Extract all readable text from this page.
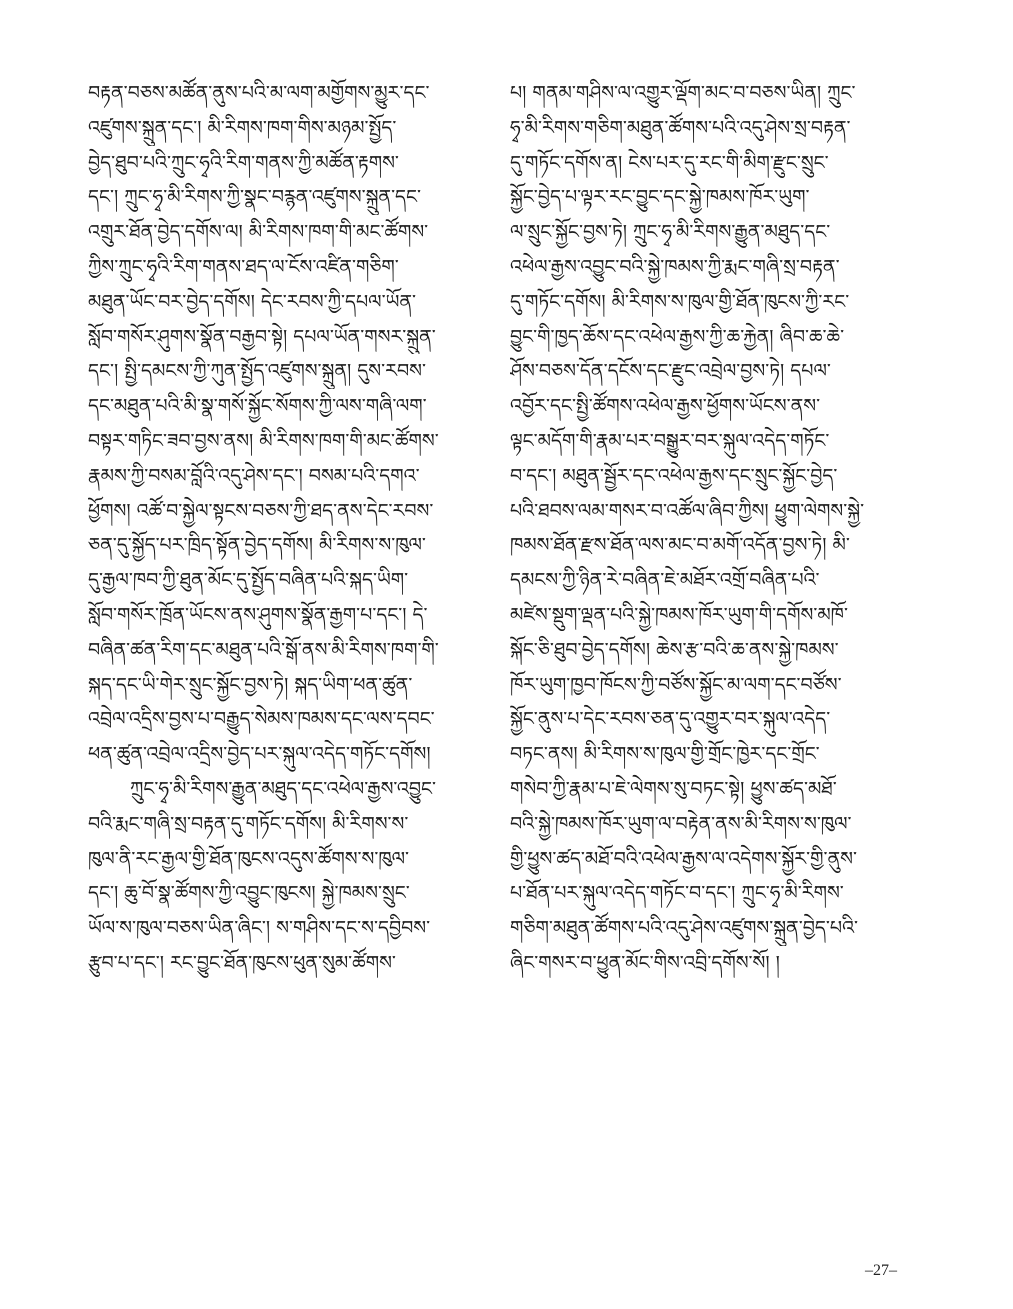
བརྟན་བཅས་མཚོན་ནུས་པའི་མ་ལག་མགྱོགས་མྱུར་དང་
འཛུགས་སྐྲུན་དང་། མི་རིགས་ཁག་གིས་མཉམ་སྤྱོད་
བྱེད་ཐུབ་པའི་ཀྲུང་ཧྭའི་རིག་གནས་ཀྱི་མཚོན་རྟགས་
དང་། ཀྲུང་ཧྭ་མི་རིགས་ཀྱི་སྣང་བརྙན་འཛུགས་སྐྲུན་དང་
འགྲུར་ཐོན་བྱེད་དགོས་ལ། མི་རིགས་ཁག་གི་མང་ཚོགས་
ཀྱིས་ཀྲུང་ཧྭའི་རིག་གནས་ཐད་ལ་ངོས་འཛིན་གཅིག་
མཐུན་ཡོང་བར་བྱེད་དགོས། དེང་རབས་ཀྱི་དཔལ་ཡོན་
སློབ་གསོར་ཤུགས་སྣོན་བརྒྱབ་སྟེ། དཔལ་ཡོན་གསར་སྐྲུན་
དང་། སྤྱི་དམངས་ཀྱི་ཀུན་སྤྱོད་འཛུགས་སྐྲུན། དུས་རབས་
དང་མཐུན་པའི་མི་སྣ་གསོ་སྐྱོང་སོགས་ཀྱི་ལས་གཞི་ལག་
བསྟར་གཏིང་ཟབ་བྱས་ནས། མི་རིགས་ཁག་གི་མང་ཚོགས་
རྣམས་ཀྱི་བསམ་བློའི་འདུ་ཤེས་དང་། བསམ་པའི་དགའ་
ཕྱོགས། འཚོ་བ་སྐྱེལ་སྟངས་བཅས་ཀྱི་ཐད་ནས་དེང་རབས་
ཅན་དུ་སྐྱོད་པར་ཁྲིད་སྟོན་བྱེད་དགོས། མི་རིགས་ས་ཁུལ་
དུ་རྒྱལ་ཁབ་ཀྱི་ཐུན་མོང་དུ་སྤྱོད་བཞིན་པའི་སྐད་ཡིག་
སློབ་གསོར་ཁྲོན་ཡོངས་ནས་ཤུགས་སྣོན་རྒྱག་པ་དང་། དེ་
བཞིན་ཚན་རིག་དང་མཐུན་པའི་སྒོ་ནས་མི་རིགས་ཁག་གི་
སྐད་དང་ཡི་གེར་སྲུང་སྐྱོང་བྱས་ཏེ། སྐད་ཡིག་ཕན་ཚུན་
འབྲེལ་འདྲིས་བྱས་པ་བརྒྱུད་སེམས་ཁམས་དང་ལས་དབང་
ཕན་ཚུན་འབྲེལ་འདྲིས་བྱེད་པར་སྐུལ་འདེད་གཏོང་དགོས།
ཀྲུང་ཧྭ་མི་རིགས་རྒྱུན་མཐུད་དང་འཕེལ་རྒྱས་འབྱུང་
བའི་རྨང་གཞི་སྲ་བརྟན་དུ་གཏོང་དགོས། མི་རིགས་ས་
ཁུལ་ནི་རང་རྒྱལ་གྱི་ཐོན་ཁུངས་འདུས་ཚོགས་ས་ཁུལ་
དང་། ཆུ་བོ་སྣ་ཚོགས་ཀྱི་འབྱུང་ཁུངས། སྐྱེ་ཁམས་སྲུང་
ཡོལ་ས་ཁུལ་བཅས་ཡིན་ཞིང་། ས་གཤིས་དང་ས་དབྱིབས་
རྩུབ་པ་དང་། རང་བྱུང་ཐོན་ཁུངས་ཕུན་སུམ་ཚོགས་
པ། གནམ་གཤིས་ལ་འགྱུར་ལྡོག་མང་བ་བཅས་ཡིན། ཀྲུང་
ཧྭ་མི་རིགས་གཅིག་མཐུན་ཚོགས་པའི་འདུ་ཤེས་སྲ་བརྟན་
དུ་གཏོང་དགོས་ན། ངེས་པར་དུ་རང་གི་མིག་རྫུང་སྲུང་
སྐྱོང་བྱེད་པ་ལྟར་རང་བྱུང་དང་སྐྱེ་ཁམས་ཁོར་ཡུག་
ལ་སྲུང་སྐྱོང་བྱས་ཏེ། ཀྲུང་ཧྭ་མི་རིགས་རྒྱུན་མཐུད་དང་
འཕེལ་རྒྱས་འབྱུང་བའི་སྐྱེ་ཁམས་ཀྱི་རྨང་གཞི་སྲ་བརྟན་
དུ་གཏོང་དགོས། མི་རིགས་ས་ཁུལ་གྱི་ཐོན་ཁུངས་ཀྱི་རང་
བྱུང་གི་ཁྱད་ཆོས་དང་འཕེལ་རྒྱས་ཀྱི་ཆ་རྐྱེན། ཞིབ་ཆ་ཆེ་
ཤོས་བཅས་དོན་དངོས་དང་རྫུང་འབྲེལ་བྱས་ཏེ། དཔལ་
འབྱོར་དང་སྤྱི་ཚོགས་འཕེལ་རྒྱས་ཕྱོགས་ཡོངས་ནས་
ལྟང་མདོག་གི་རྣམ་པར་བསྒྱུར་བར་སྐུལ་འདེད་གཏོང་
བ་དང་། མཐུན་སྦྱོར་དང་འཕེལ་རྒྱས་དང་སྲུང་སྐྱོང་བྱེད་
པའི་ཐབས་ལམ་གསར་བ་འཚོལ་ཞིབ་ཀྱིས། ཕྱུག་ལེགས་སྐྱེ་
ཁམས་ཐོན་རྫས་ཐོན་ལས་མང་བ་མགོ་འདོན་བྱས་ཏེ། མི་
དམངས་ཀྱི་ཉིན་རེ་བཞིན་ཇེ་མཐོར་འགྲོ་བཞིན་པའི་
མཛེས་སྡུག་ལྡན་པའི་སྐྱེ་ཁམས་ཁོར་ཡུག་གི་དགོས་མཁོ་
སྐོང་ཅི་ཐུབ་བྱེད་དགོས། ཆེས་རྩ་བའི་ཆ་ནས་སྐྱེ་ཁམས་
ཁོར་ཡུག་ཁྱབ་ཁོངས་ཀྱི་བཙོས་སྐྱོང་མ་ལག་དང་བཙོས་
སྐྱོང་ནུས་པ་དེང་རབས་ཅན་དུ་འགྱུར་བར་སྐུལ་འདེད་
བཏང་ནས། མི་རིགས་ས་ཁུལ་གྱི་གྲོང་ཁྱེར་དང་གྲོང་
གསེབ་ཀྱི་རྣམ་པ་ཇེ་ལེགས་སུ་བཏང་སྟེ། ཕྱུས་ཚད་མཐོ་
བའི་སྐྱེ་ཁམས་ཁོར་ཡུག་ལ་བརྟེན་ནས་མི་རིགས་ས་ཁུལ་
གྱི་ཕྱུས་ཚད་མཐོ་བའི་འཕེལ་རྒྱས་ལ་འདེགས་སྐྱོར་གྱི་ནུས་
པ་ཐོན་པར་སྐུལ་འདེད་གཏོང་བ་དང་། ཀྲུང་ཧྭ་མི་རིགས་
གཅིག་མཐུན་ཚོགས་པའི་འདུ་ཤེས་འཛུགས་སྐྲུན་བྱེད་པའི་
ཞིང་གསར་བ་ཕྱུན་མོང་གིས་འབྲི་དགོས་སོ། །
–27–
